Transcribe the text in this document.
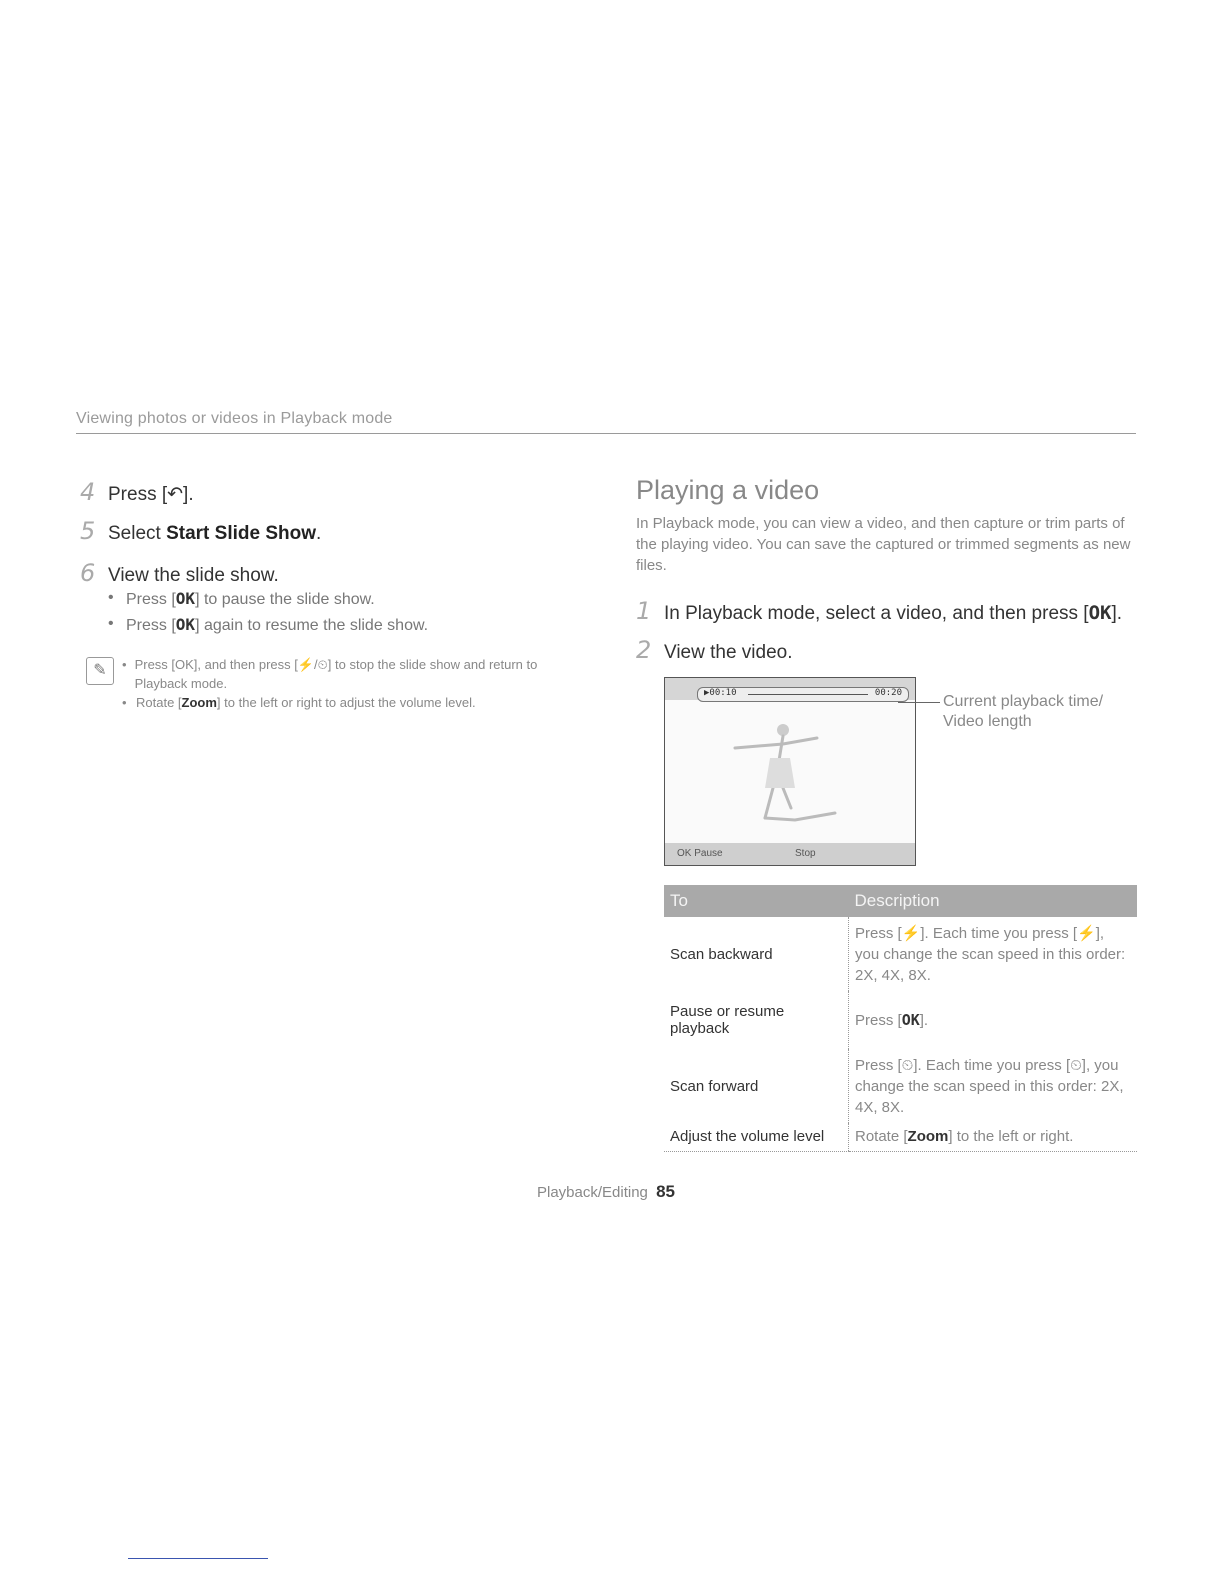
Viewing photos or videos in Playback mode
4 Press [↶].
5 Select Start Slide Show.
6 View the slide show.
• Press [OK] to pause the slide show.
• Press [OK] again to resume the slide show.
✎	• Press [OK], and then press [⚡/⏲] to stop the slide show and return to Playback mode.
• Rotate [Zoom] to the left or right to adjust the volume level.
Playing a video
In Playback mode, you can view a video, and then capture or trim parts of the playing video. You can save the captured or trimmed segments as new files.
1 In Playback mode, select a video, and then press [OK].
2 View the video.
▶00:10	00:20
OK Pause	Stop
Current playback time/
Video length
To	Description
Scan backward	Press [⚡]. Each time you press [⚡], you change the scan speed in this order: 2X, 4X, 8X.
Pause or resume playback	Press [OK].
Scan forward	Press [⏲]. Each time you press [⏲], you change the scan speed in this order: 2X, 4X, 8X.
Adjust the volume level	Rotate [Zoom] to the left or right.
Playback/Editing 85
